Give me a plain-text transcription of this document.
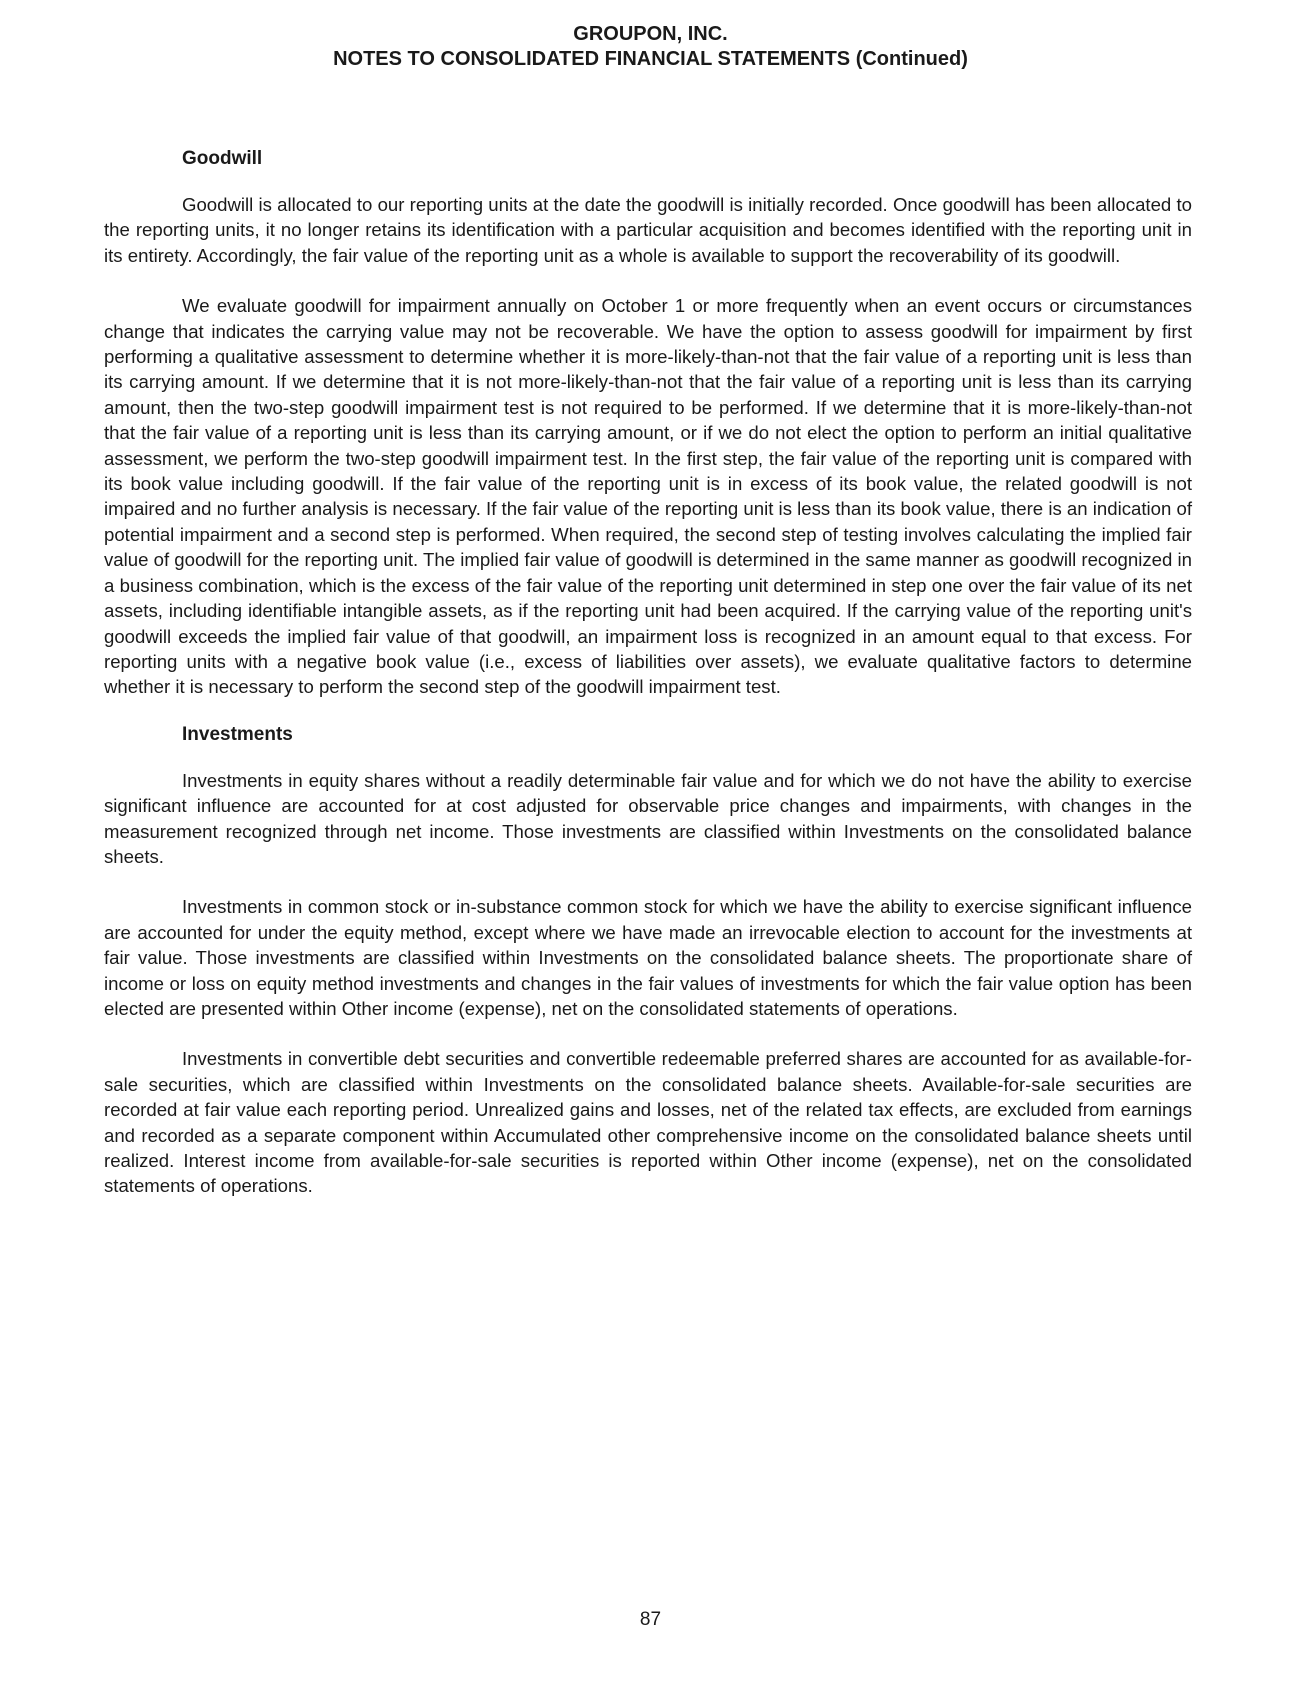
GROUPON, INC.
NOTES TO CONSOLIDATED FINANCIAL STATEMENTS (Continued)
Goodwill

Goodwill is allocated to our reporting units at the date the goodwill is initially recorded. Once goodwill has been allocated to the reporting units, it no longer retains its identification with a particular acquisition and becomes identified with the reporting unit in its entirety. Accordingly, the fair value of the reporting unit as a whole is available to support the recoverability of its goodwill.

We evaluate goodwill for impairment annually on October 1 or more frequently when an event occurs or circumstances change that indicates the carrying value may not be recoverable. We have the option to assess goodwill for impairment by first performing a qualitative assessment to determine whether it is more-likely-than-not that the fair value of a reporting unit is less than its carrying amount. If we determine that it is not more-likely-than-not that the fair value of a reporting unit is less than its carrying amount, then the two-step goodwill impairment test is not required to be performed. If we determine that it is more-likely-than-not that the fair value of a reporting unit is less than its carrying amount, or if we do not elect the option to perform an initial qualitative assessment, we perform the two-step goodwill impairment test. In the first step, the fair value of the reporting unit is compared with its book value including goodwill. If the fair value of the reporting unit is in excess of its book value, the related goodwill is not impaired and no further analysis is necessary. If the fair value of the reporting unit is less than its book value, there is an indication of potential impairment and a second step is performed. When required, the second step of testing involves calculating the implied fair value of goodwill for the reporting unit. The implied fair value of goodwill is determined in the same manner as goodwill recognized in a business combination, which is the excess of the fair value of the reporting unit determined in step one over the fair value of its net assets, including identifiable intangible assets, as if the reporting unit had been acquired. If the carrying value of the reporting unit's goodwill exceeds the implied fair value of that goodwill, an impairment loss is recognized in an amount equal to that excess. For reporting units with a negative book value (i.e., excess of liabilities over assets), we evaluate qualitative factors to determine whether it is necessary to perform the second step of the goodwill impairment test.

Investments

Investments in equity shares without a readily determinable fair value and for which we do not have the ability to exercise significant influence are accounted for at cost adjusted for observable price changes and impairments, with changes in the measurement recognized through net income. Those investments are classified within Investments on the consolidated balance sheets.

Investments in common stock or in-substance common stock for which we have the ability to exercise significant influence are accounted for under the equity method, except where we have made an irrevocable election to account for the investments at fair value. Those investments are classified within Investments on the consolidated balance sheets. The proportionate share of income or loss on equity method investments and changes in the fair values of investments for which the fair value option has been elected are presented within Other income (expense), net on the consolidated statements of operations.

Investments in convertible debt securities and convertible redeemable preferred shares are accounted for as available-for-sale securities, which are classified within Investments on the consolidated balance sheets. Available-for-sale securities are recorded at fair value each reporting period. Unrealized gains and losses, net of the related tax effects, are excluded from earnings and recorded as a separate component within Accumulated other comprehensive income on the consolidated balance sheets until realized. Interest income from available-for-sale securities is reported within Other income (expense), net on the consolidated statements of operations.

87
